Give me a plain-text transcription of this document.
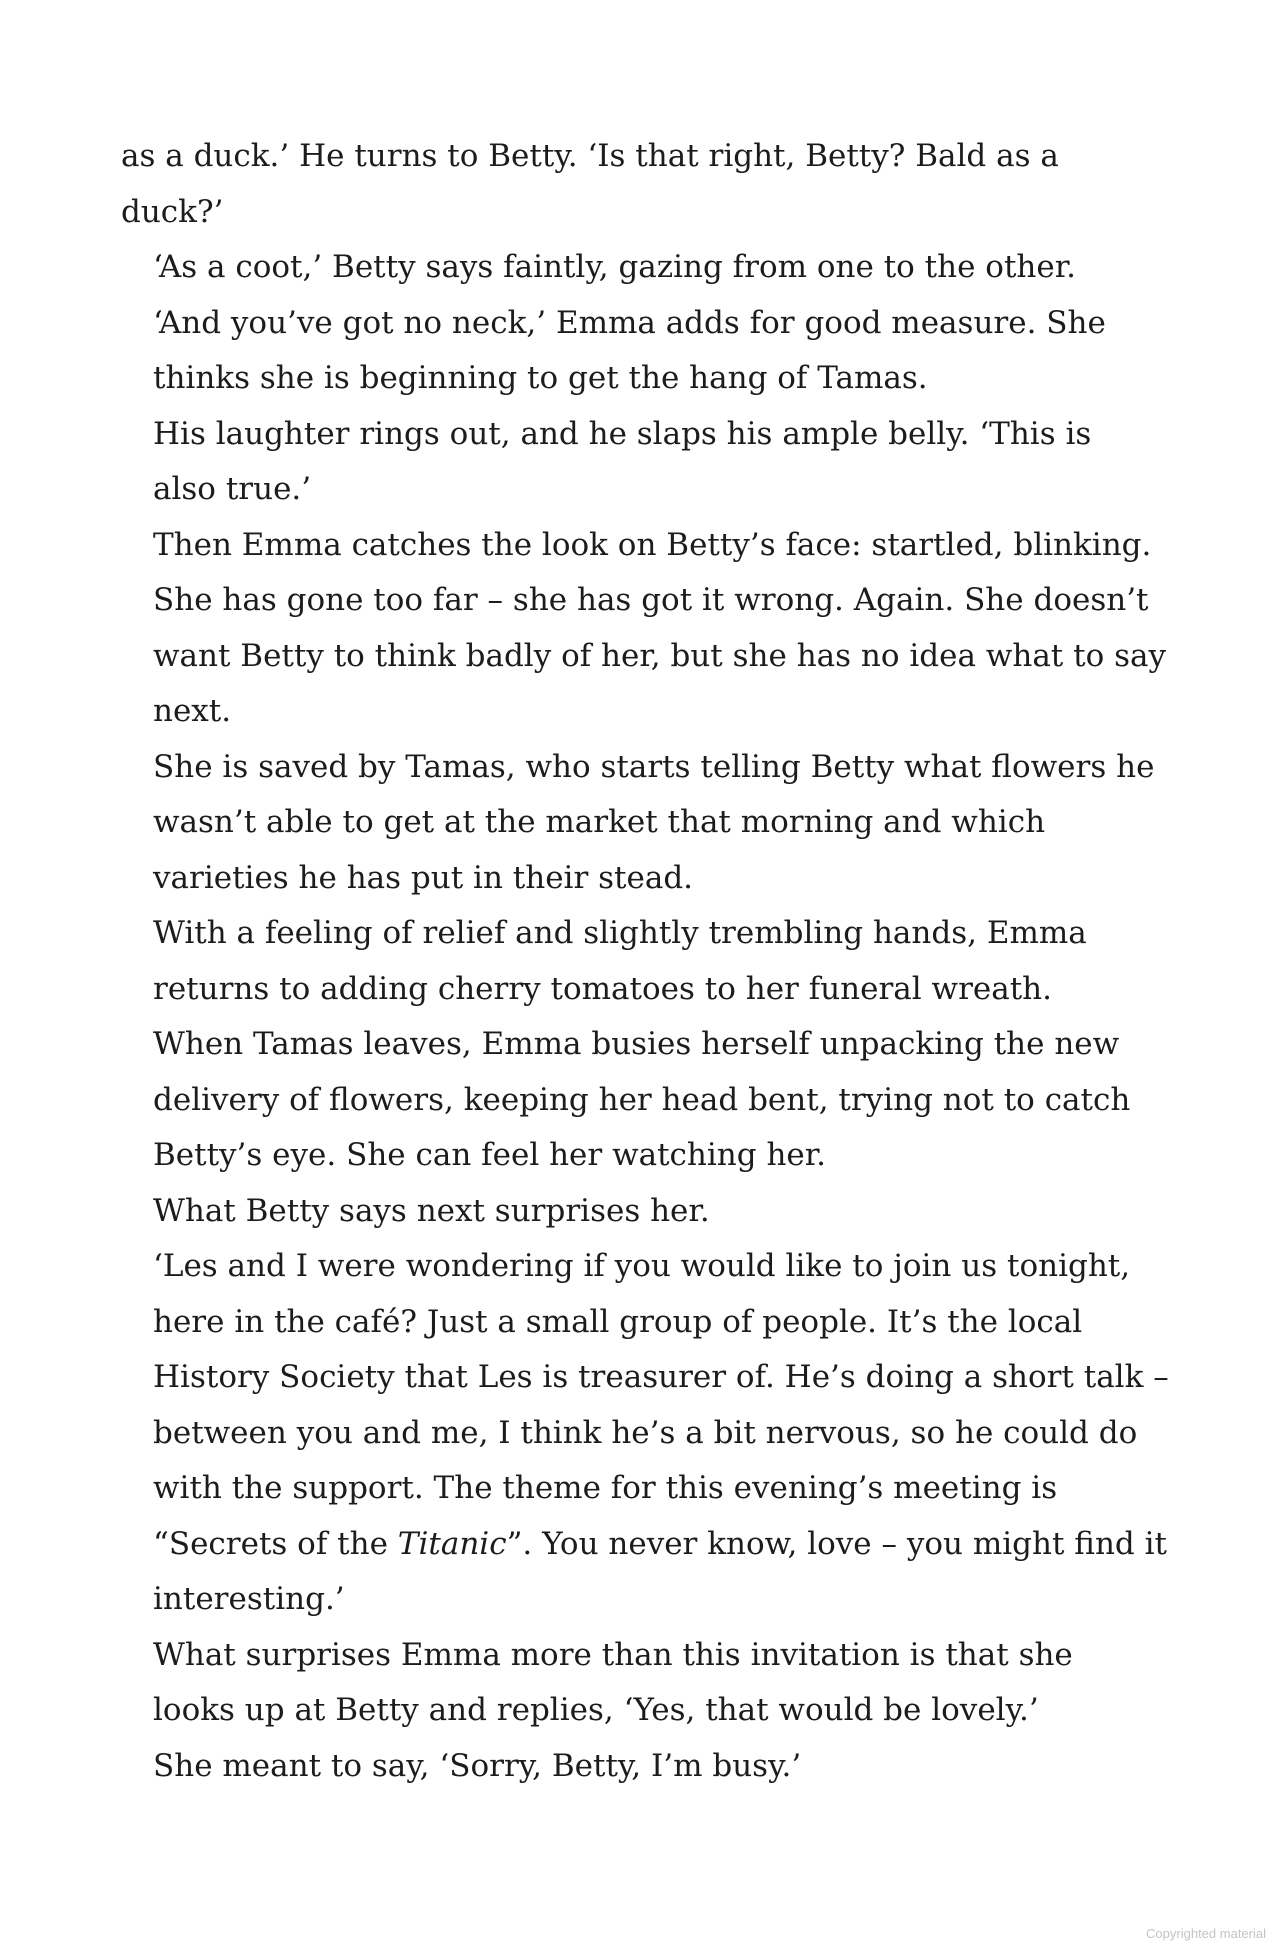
as a duck.’ He turns to Betty. ‘Is that right, Betty? Bald as a
duck?’

‘As a coot,’ Betty says faintly, gazing from one to the other.

‘And you’ve got no neck,’ Emma adds for good measure. She
thinks she is beginning to get the hang of Tamas.

His laughter rings out, and he slaps his ample belly. ‘This is
also true.’

Then Emma catches the look on Betty’s face: startled, blinking.
She has gone too far – she has got it wrong. Again. She doesn’t
want Betty to think badly of her, but she has no idea what to say
next.

She is saved by Tamas, who starts telling Betty what flowers he
wasn’t able to get at the market that morning and which
varieties he has put in their stead.

With a feeling of relief and slightly trembling hands, Emma
returns to adding cherry tomatoes to her funeral wreath.

When Tamas leaves, Emma busies herself unpacking the new
delivery of flowers, keeping her head bent, trying not to catch
Betty’s eye. She can feel her watching her.

What Betty says next surprises her.

‘Les and I were wondering if you would like to join us tonight,
here in the café? Just a small group of people. It’s the local
History Society that Les is treasurer of. He’s doing a short talk –
between you and me, I think he’s a bit nervous, so he could do
with the support. The theme for this evening’s meeting is
“Secrets of the Titanic”. You never know, love – you might find it
interesting.’

What surprises Emma more than this invitation is that she
looks up at Betty and replies, ‘Yes, that would be lovely.’

She meant to say, ‘Sorry, Betty, I’m busy.’

Copyrighted material
